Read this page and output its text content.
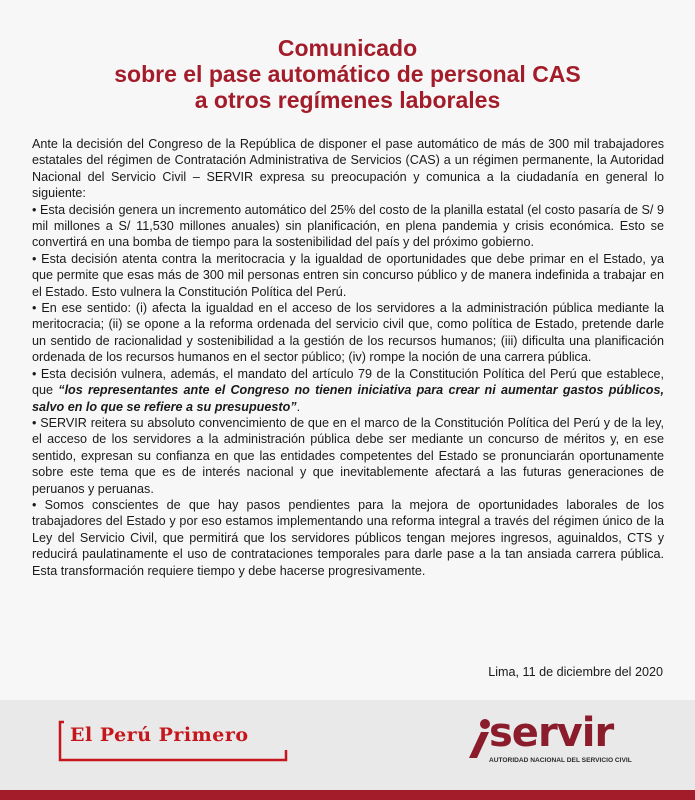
Comunicado
sobre el pase automático de personal CAS
a otros regímenes laborales

Ante la decisión del Congreso de la República de disponer el pase automático de más de 300 mil trabajadores estatales del régimen de Contratación Administrativa de Servicios (CAS) a un régimen permanente, la Autoridad Nacional del Servicio Civil – SERVIR expresa su preocupación y comunica a la ciudadanía en general lo siguiente:

• Esta decisión genera un incremento automático del 25% del costo de la planilla estatal (el costo pasaría de S/ 9 mil millones a S/ 11,530 millones anuales) sin planificación, en plena pandemia y crisis económica. Esto se convertirá en una bomba de tiempo para la sostenibilidad del país y del próximo gobierno.

• Esta decisión atenta contra la meritocracia y la igualdad de oportunidades que debe primar en el Estado, ya que permite que esas más de 300 mil personas entren sin concurso público y de manera indefinida a trabajar en el Estado. Esto vulnera la Constitución Política del Perú.

• En ese sentido: (i) afecta la igualdad en el acceso de los servidores a la administración pública mediante la meritocracia; (ii) se opone a la reforma ordenada del servicio civil que, como política de Estado, pretende darle un sentido de racionalidad y sostenibilidad a la gestión de los recursos humanos; (iii) dificulta una planificación ordenada de los recursos humanos en el sector público; (iv) rompe la noción de una carrera pública.

• Esta decisión vulnera, además, el mandato del artículo 79 de la Constitución Política del Perú que establece, que “los representantes ante el Congreso no tienen iniciativa para crear ni aumentar gastos públicos, salvo en lo que se refiere a su presupuesto”.

• SERVIR reitera su absoluto convencimiento de que en el marco de la Constitución Política del Perú y de la ley, el acceso de los servidores a la administración pública debe ser mediante un concurso de méritos y, en ese sentido, expresan su confianza en que las entidades competentes del Estado se pronunciarán oportunamente sobre este tema que es de interés nacional y que inevitablemente afectará a las futuras generaciones de peruanos y peruanas.

• Somos conscientes de que hay pasos pendientes para la mejora de oportunidades laborales de los trabajadores del Estado y por eso estamos implementando una reforma integral a través del régimen único de la Ley del Servicio Civil, que permitirá que los servidores públicos tengan mejores ingresos, aguinaldos, CTS y reducirá paulatinamente el uso de contrataciones temporales para darle pase a la tan ansiada carrera pública. Esta transformación requiere tiempo y debe hacerse progresivamente.

Lima, 11 de diciembre del 2020
El Perú Primero	servir
AUTORIDAD NACIONAL DEL SERVICIO CIVIL
